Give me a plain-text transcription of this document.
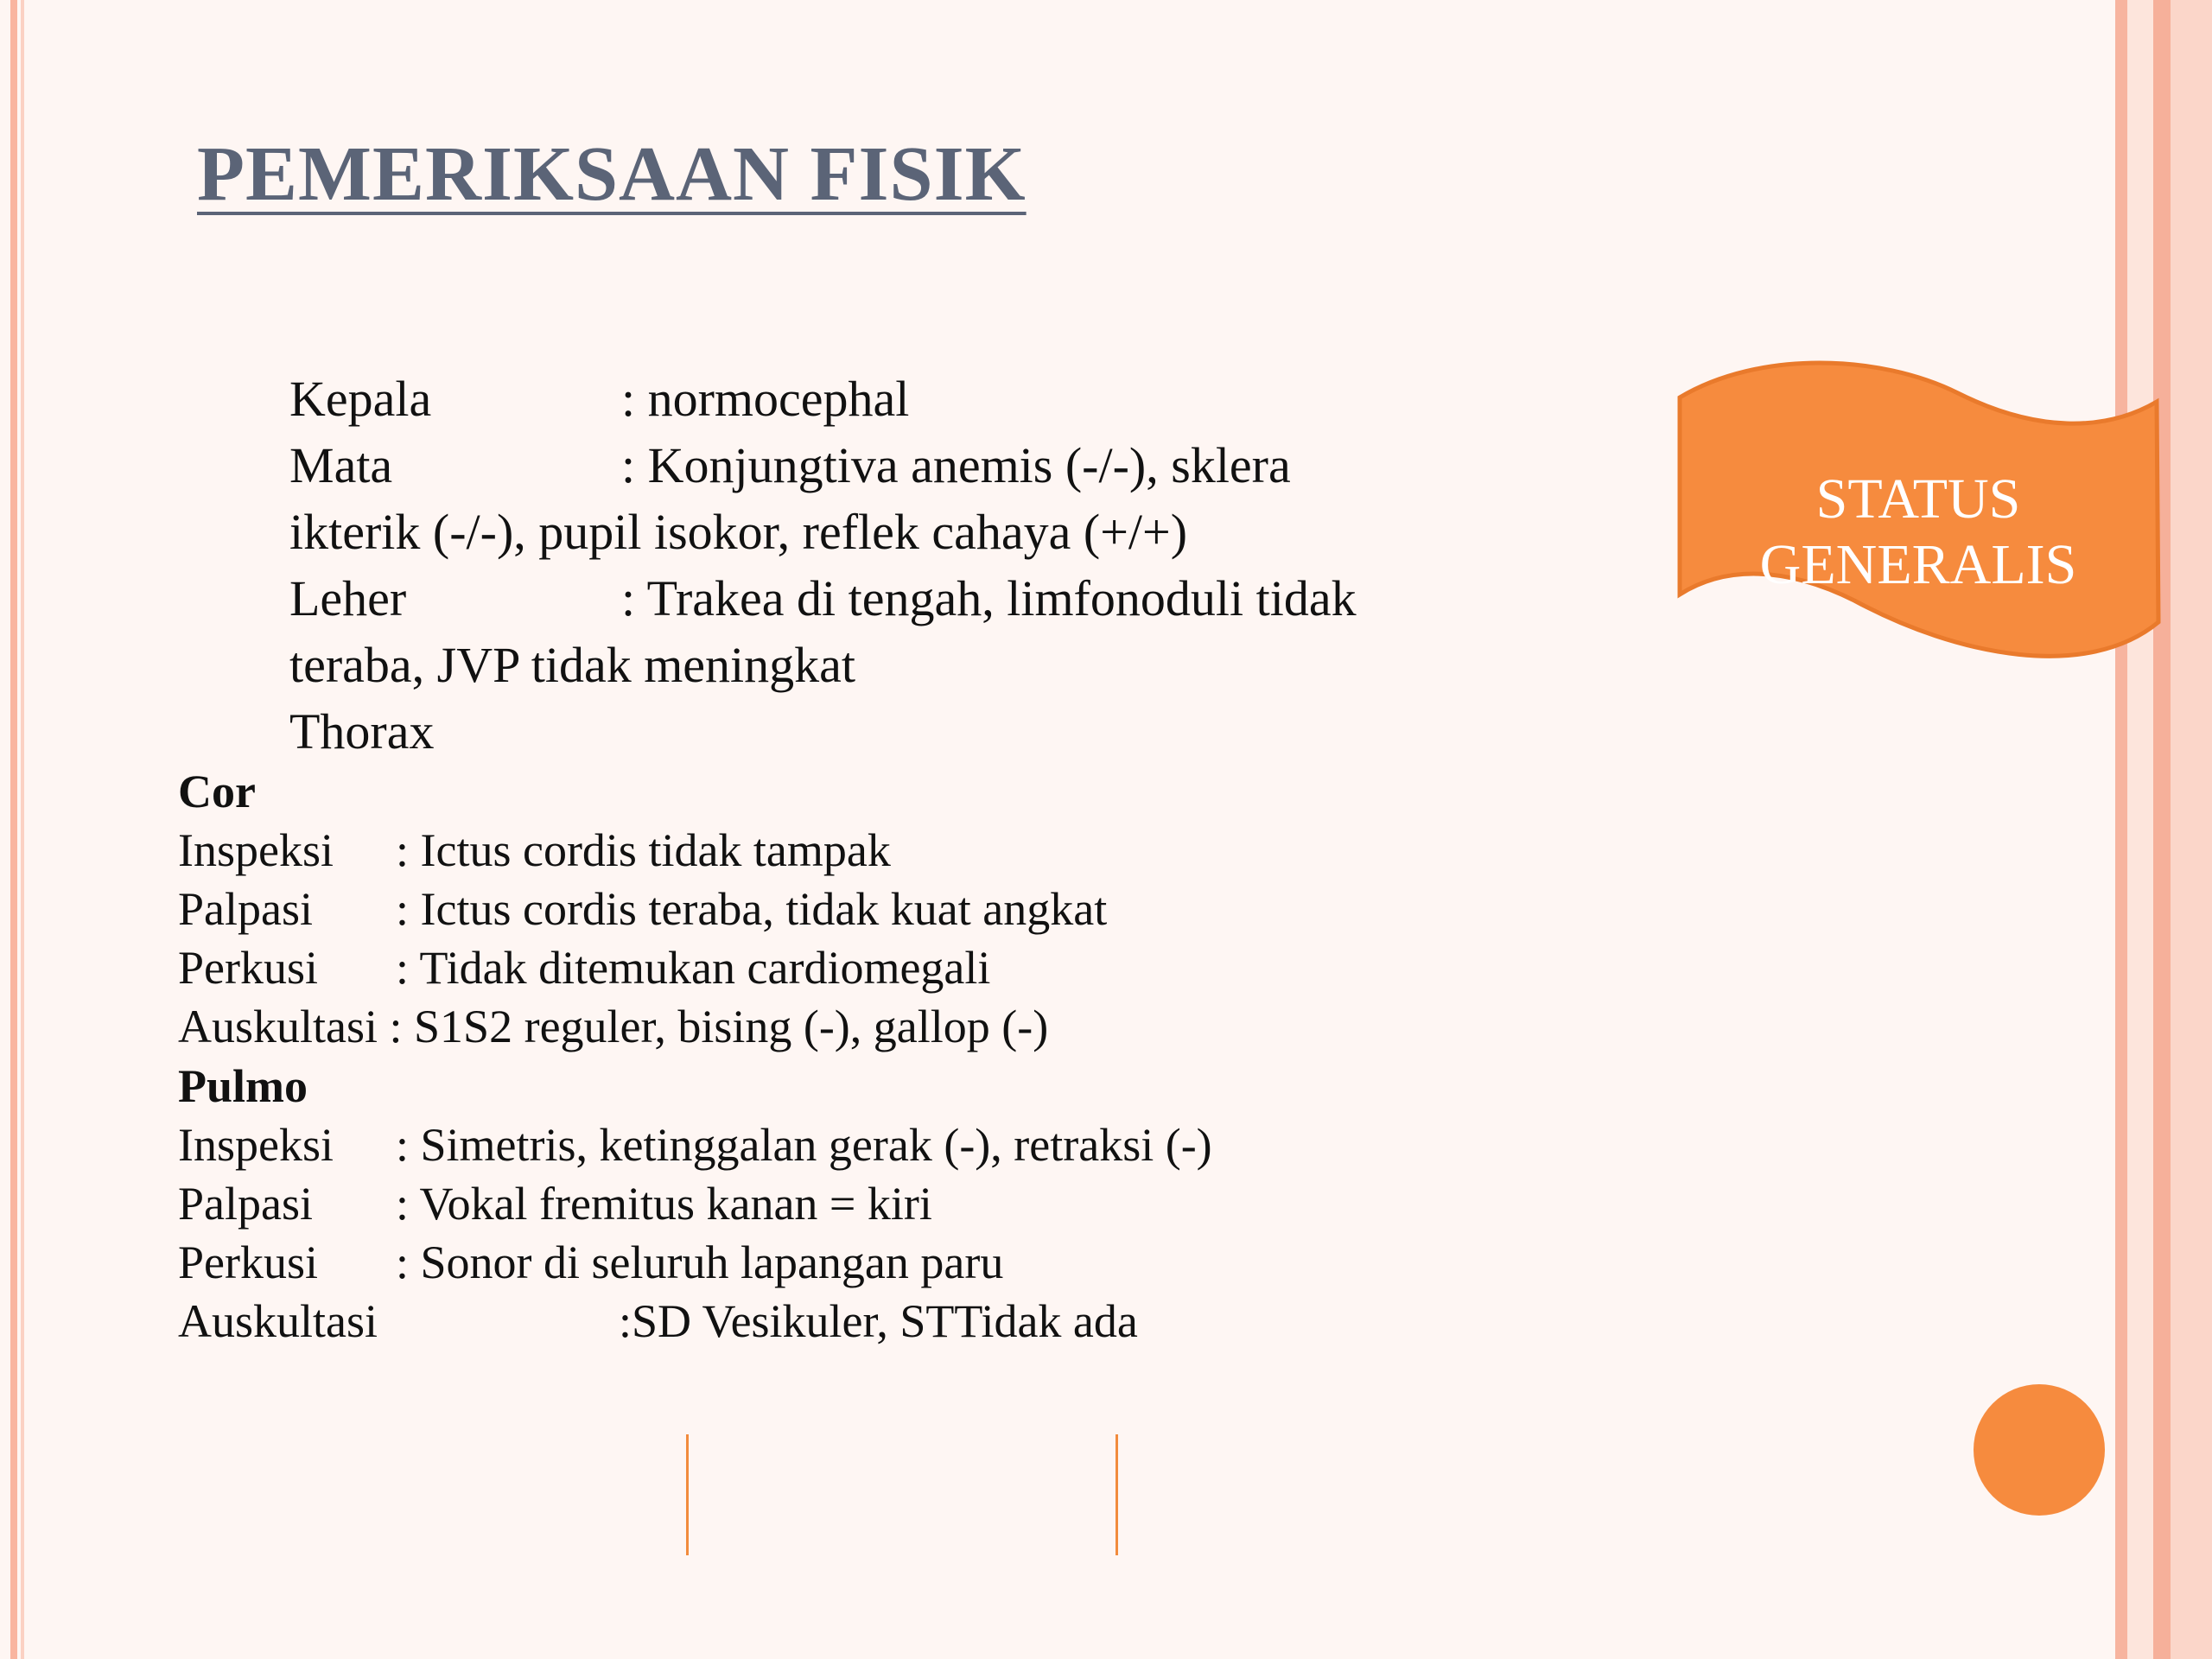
PEMERIKSAAN FISIK
Kepala	: normocephal
Mata	: Konjungtiva anemis (-/-), sklera
ikterik (-/-), pupil isokor, reflek cahaya (+/+)
Leher	: Trakea di tengah, limfonoduli tidak
teraba, JVP tidak meningkat
Thorax
Cor
Inspeksi : Ictus cordis tidak tampak
Palpasi : Ictus cordis teraba, tidak kuat angkat
Perkusi : Tidak ditemukan cardiomegali
Auskultasi : S1S2 reguler, bising (-), gallop (-)
Pulmo
Inspeksi : Simetris, ketinggalan gerak (-), retraksi (-)
Palpasi : Vokal fremitus kanan = kiri
Perkusi : Sonor di seluruh lapangan paru
Auskultasi	:SD Vesikuler, STTidak ada
STATUS
GENERALIS
